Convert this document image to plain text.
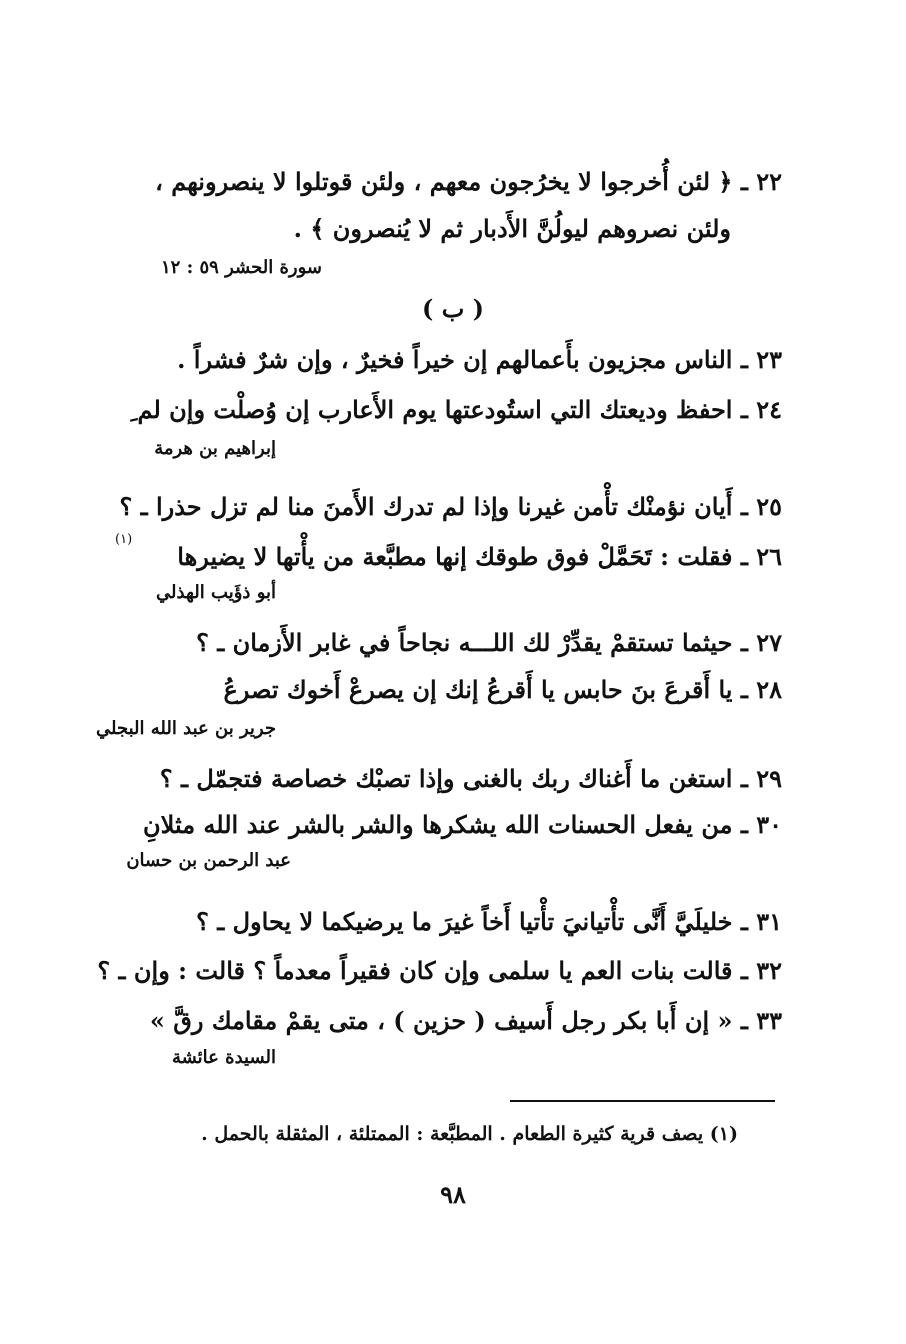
٢٢ ـ ﴿ لئن أُخرجوا لا يخرُجون معهم ، ولئن قوتلوا لا ينصرونهم ،
ولئن نصروهم ليولُنَّ الأَدبار ثم لا يُنصرون ﴾ .
سورة الحشر ٥٩ : ١٢
( ب )
٢٣ ـ الناس مجزيون بأَعمالهم إن خيراً فخيرٌ ، وإن شرٌ فشراً .
٢٤ ـ احفظ وديعتك التي استُودعتها يوم الأَعارب إن وُصلْت وإن لم ِ
إبراهيم بن هرمة
٢٥ ـ أَيان نؤمنْك تأْمن غيرنا وإذا لم تدرك الأَمنَ منا لم تزل حذرا ـ ؟
٢٦ ـ فقلت : تَحَمَّلْ فوق طوقك إنها مطبَّعة من يأْتها لا يضيرها
(١)
أبو ذؤَيب الهذلي
٢٧ ـ حيثما تستقمْ يقدِّرْ لك اللـــه نجاحاً في غابر الأَزمان ـ ؟
٢٨ ـ يا أَقرعَ بنَ حابس يا أَقرعُ إنك إن يصرعْ أَخوك تصرعُ
جرير بن عبد الله البجلي
٢٩ ـ استغن ما أَغناك ربك بالغنى وإذا تصبْك خصاصة فتجمّل ـ ؟
٣٠ ـ من يفعل الحسنات الله يشكرها والشر بالشر عند الله مثلانِ
عبد الرحمن بن حسان
٣١ ـ خليلَيَّ أَنَّى تأْتيانيَ تأْتيا أَخاً غيرَ ما يرضيكما لا يحاول ـ ؟
٣٢ ـ قالت بنات العم يا سلمى وإن كان فقيراً معدماً ؟ قالت : وإن ـ ؟
٣٣ ـ « إن أَبا بكر رجل أَسيف ( حزين ) ، متى يقمْ مقامك رقَّ »
السيدة عائشة
(١) يصف قرية كثيرة الطعام . المطبَّعة : الممتلئة ، المثقلة بالحمل .
٩٨
